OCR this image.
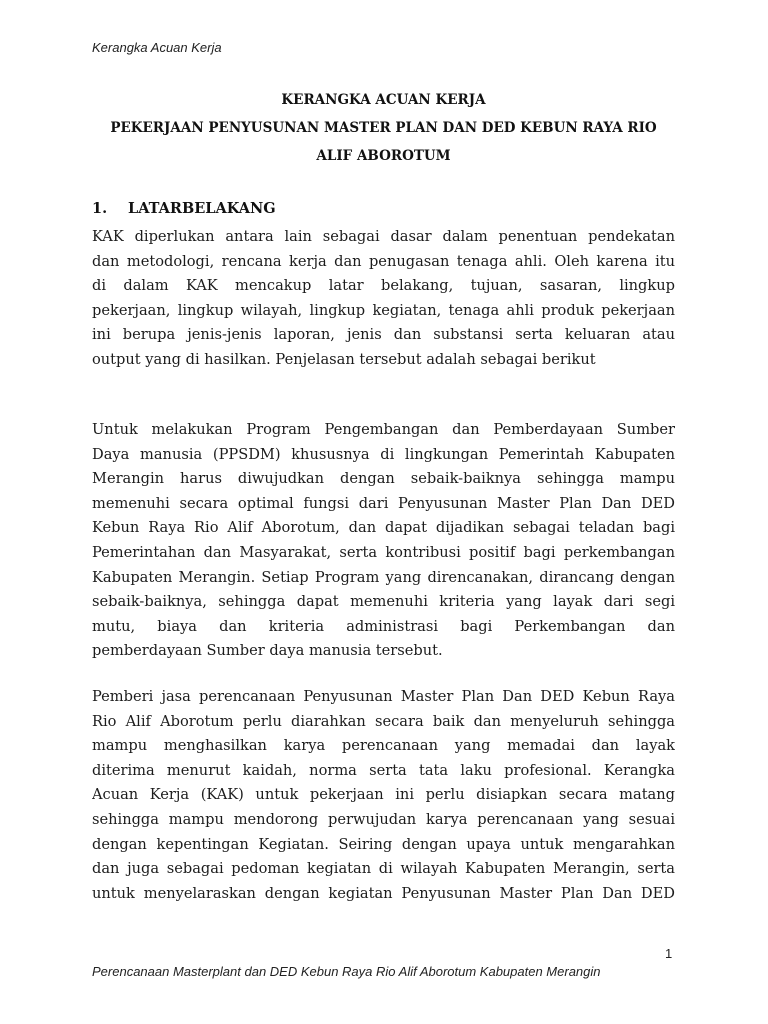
Kerangka Acuan Kerja
KERANGKA ACUAN KERJA
PEKERJAAN PENYUSUNAN MASTER PLAN DAN DED KEBUN RAYA RIO
ALIF ABOROTUM
1. LATARBELAKANG
KAK diperlukan antara lain sebagai dasar dalam penentuan pendekatan
dan metodologi, rencana kerja dan penugasan tenaga ahli. Oleh karena itu
di dalam KAK mencakup latar belakang, tujuan, sasaran, lingkup
pekerjaan, lingkup wilayah, lingkup kegiatan, tenaga ahli produk pekerjaan
ini berupa jenis-jenis laporan, jenis dan substansi serta keluaran atau
output yang di hasilkan. Penjelasan tersebut adalah sebagai berikut
Untuk melakukan Program Pengembangan dan Pemberdayaan Sumber
Daya manusia (PPSDM) khususnya di lingkungan Pemerintah Kabupaten
Merangin harus diwujudkan dengan sebaik-baiknya sehingga mampu
memenuhi secara optimal fungsi dari Penyusunan Master Plan Dan DED
Kebun Raya Rio Alif Aborotum, dan dapat dijadikan sebagai teladan bagi
Pemerintahan dan Masyarakat, serta kontribusi positif bagi perkembangan
Kabupaten Merangin. Setiap Program yang direncanakan, dirancang dengan
sebaik-baiknya, sehingga dapat memenuhi kriteria yang layak dari segi
mutu, biaya dan kriteria administrasi bagi Perkembangan dan
pemberdayaan Sumber daya manusia tersebut.
Pemberi jasa perencanaan Penyusunan Master Plan Dan DED Kebun Raya
Rio Alif Aborotum perlu diarahkan secara baik dan menyeluruh sehingga
mampu menghasilkan karya perencanaan yang memadai dan layak
diterima menurut kaidah, norma serta tata laku profesional. Kerangka
Acuan Kerja (KAK) untuk pekerjaan ini perlu disiapkan secara matang
sehingga mampu mendorong perwujudan karya perencanaan yang sesuai
dengan kepentingan Kegiatan. Seiring dengan upaya untuk mengarahkan
dan juga sebagai pedoman kegiatan di wilayah Kabupaten Merangin, serta
untuk menyelaraskan dengan kegiatan Penyusunan Master Plan Dan DED
1
Perencanaan Masterplant dan DED Kebun Raya Rio Alif Aborotum Kabupaten Merangin
